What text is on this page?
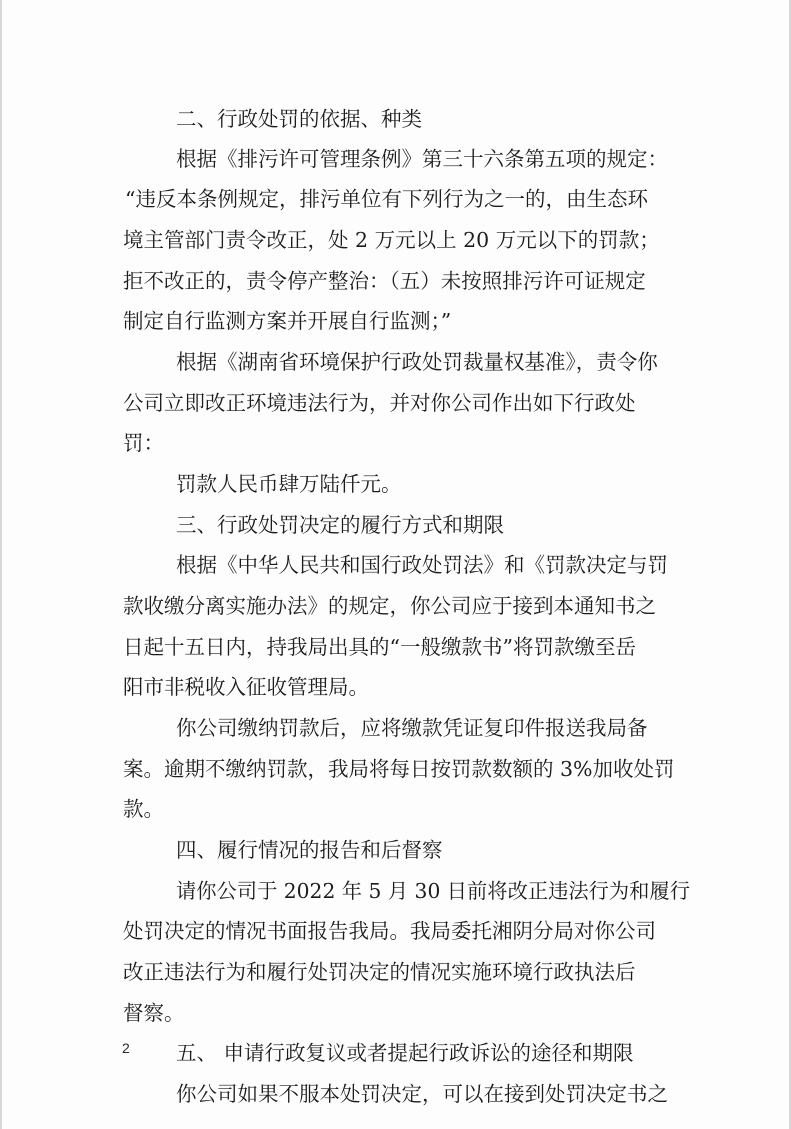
二、行政处罚的依据、种类
根据《排污许可管理条例》第三十六条第五项的规定：
“违反本条例规定，排污单位有下列行为之一的，由生态环
境主管部门责令改正，处 2 万元以上 20 万元以下的罚款；
拒不改正的，责令停产整治：（五）未按照排污许可证规定
制定自行监测方案并开展自行监测；”
根据《湖南省环境保护行政处罚裁量权基准》，责令你
公司立即改正环境违法行为，并对你公司作出如下行政处
罚：
罚款人民币肆万陆仟元。
三、行政处罚决定的履行方式和期限
根据《中华人民共和国行政处罚法》和《罚款决定与罚
款收缴分离实施办法》的规定，你公司应于接到本通知书之
日起十五日内，持我局出具的“一般缴款书”将罚款缴至岳
阳市非税收入征收管理局。
你公司缴纳罚款后，应将缴款凭证复印件报送我局备
案。逾期不缴纳罚款，我局将每日按罚款数额的 3%加收处罚
款。
四、履行情况的报告和后督察
请你公司于 2022 年 5 月 30 日前将改正违法行为和履行
处罚决定的情况书面报告我局。我局委托湘阴分局对你公司
改正违法行为和履行处罚决定的情况实施环境行政执法后
督察。
五、 申请行政复议或者提起行政诉讼的途径和期限
你公司如果不服本处罚决定，可以在接到处罚决定书之
2
